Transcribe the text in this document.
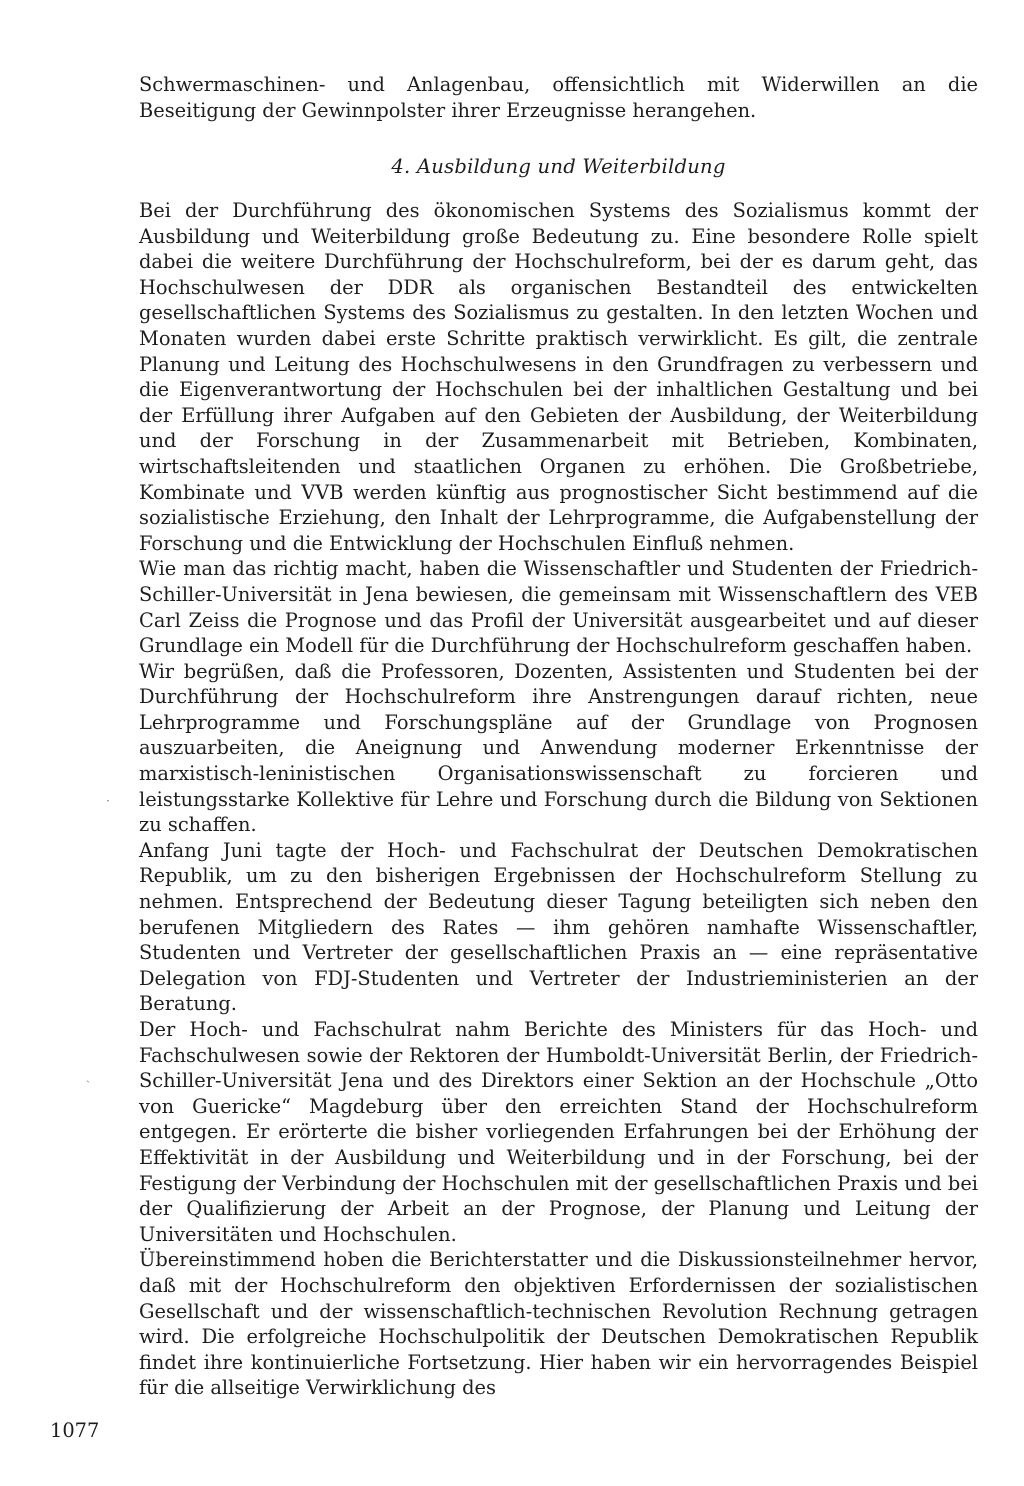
Schwermaschinen- und Anlagenbau, offensichtlich mit Widerwillen an die Beseitigung der Gewinnpolster ihrer Erzeugnisse herangehen.

4. Ausbildung und Weiterbildung

Bei der Durchführung des ökonomischen Systems des Sozialismus kommt der Ausbildung und Weiterbildung große Bedeutung zu. Eine besondere Rolle spielt dabei die weitere Durchführung der Hochschulreform, bei der es darum geht, das Hochschulwesen der DDR als organischen Bestandteil des entwickelten gesellschaftlichen Systems des Sozialismus zu gestalten. In den letzten Wochen und Monaten wurden dabei erste Schritte praktisch verwirklicht. Es gilt, die zentrale Planung und Leitung des Hochschulwesens in den Grundfragen zu verbessern und die Eigenverantwortung der Hochschulen bei der inhaltlichen Gestaltung und bei der Erfüllung ihrer Aufgaben auf den Gebieten der Ausbildung, der Weiterbildung und der Forschung in der Zusammenarbeit mit Betrieben, Kombinaten, wirtschaftsleitenden und staatlichen Organen zu erhöhen. Die Großbetriebe, Kombinate und VVB werden künftig aus prognostischer Sicht bestimmend auf die sozialistische Erziehung, den Inhalt der Lehrprogramme, die Aufgabenstellung der Forschung und die Entwicklung der Hochschulen Einfluß nehmen.

Wie man das richtig macht, haben die Wissenschaftler und Studenten der Friedrich-Schiller-Universität in Jena bewiesen, die gemeinsam mit Wissenschaftlern des VEB Carl Zeiss die Prognose und das Profil der Universität ausgearbeitet und auf dieser Grundlage ein Modell für die Durchführung der Hochschulreform geschaffen haben.

Wir begrüßen, daß die Professoren, Dozenten, Assistenten und Studenten bei der Durchführung der Hochschulreform ihre Anstrengungen darauf richten, neue Lehrprogramme und Forschungspläne auf der Grundlage von Prognosen auszuarbeiten, die Aneignung und Anwendung moderner Erkenntnisse der marxistisch-leninistischen Organisationswissenschaft zu forcieren und leistungsstarke Kollektive für Lehre und Forschung durch die Bildung von Sektionen zu schaffen.

Anfang Juni tagte der Hoch- und Fachschulrat der Deutschen Demokratischen Republik, um zu den bisherigen Ergebnissen der Hochschulreform Stellung zu nehmen. Entsprechend der Bedeutung dieser Tagung beteiligten sich neben den berufenen Mitgliedern des Rates — ihm gehören namhafte Wissenschaftler, Studenten und Vertreter der gesellschaftlichen Praxis an — eine repräsentative Delegation von FDJ-Studenten und Vertreter der Industrieministerien an der Beratung.

Der Hoch- und Fachschulrat nahm Berichte des Ministers für das Hoch- und Fachschulwesen sowie der Rektoren der Humboldt-Universität Berlin, der Friedrich-Schiller-Universität Jena und des Direktors einer Sektion an der Hochschule „Otto von Guericke“ Magdeburg über den erreichten Stand der Hochschulreform entgegen. Er erörterte die bisher vorliegenden Erfahrungen bei der Erhöhung der Effektivität in der Ausbildung und Weiterbildung und in der Forschung, bei der Festigung der Verbindung der Hochschulen mit der gesellschaftlichen Praxis und bei der Qualifizierung der Arbeit an der Prognose, der Planung und Leitung der Universitäten und Hochschulen.

Übereinstimmend hoben die Berichterstatter und die Diskussionsteilnehmer hervor, daß mit der Hochschulreform den objektiven Erfordernissen der sozialistischen Gesellschaft und der wissenschaftlich-technischen Revolution Rechnung getragen wird. Die erfolgreiche Hochschulpolitik der Deutschen Demokratischen Republik findet ihre kontinuierliche Fortsetzung. Hier haben wir ein hervorragendes Beispiel für die allseitige Verwirklichung des

·
ˏ

1077
